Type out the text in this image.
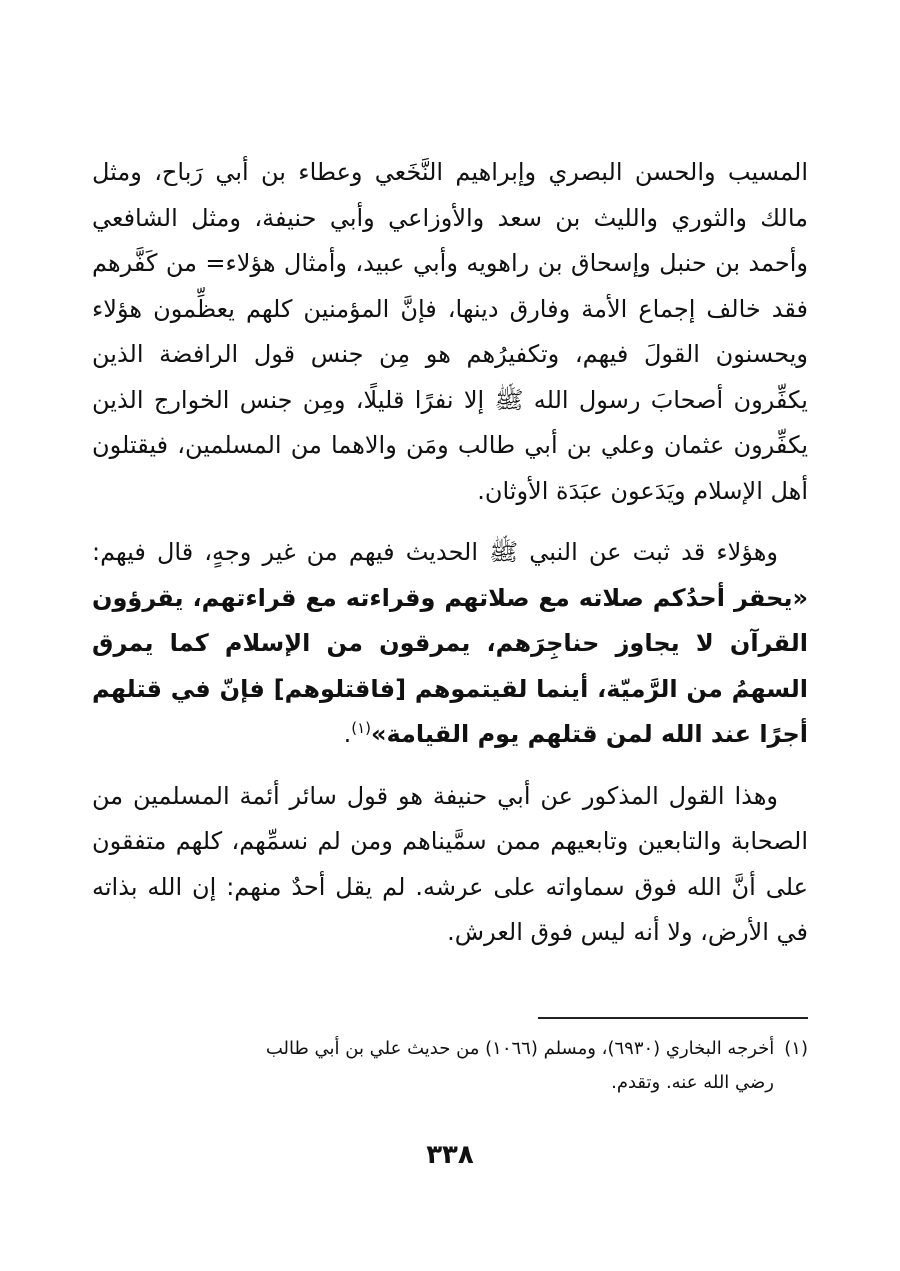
المسيب والحسن البصري وإبراهيم النَّخَعي وعطاء بن أبي رَباح، ومثل مالك والثوري والليث بن سعد والأوزاعي وأبي حنيفة، ومثل الشافعي وأحمد بن حنبل وإسحاق بن راهويه وأبي عبيد، وأمثال هؤلاء= من كَفَّرهم فقد خالف إجماع الأمة وفارق دينها، فإنَّ المؤمنين كلهم يعظِّمون هؤلاء ويحسنون القولَ فيهم، وتكفيرُهم هو مِن جنس قول الرافضة الذين يكفِّرون أصحابَ رسول الله ﷺ إلا نفرًا قليلًا، ومِن جنس الخوارج الذين يكفِّرون عثمان وعلي بن أبي طالب ومَن والاهما من المسلمين، فيقتلون أهل الإسلام ويَدَعون عبَدَة الأوثان.

وهؤلاء قد ثبت عن النبي ﷺ الحديث فيهم من غير وجهٍ، قال فيهم: «يحقر أحدُكم صلاته مع صلاتهم وقراءته مع قراءتهم، يقرؤون القرآن لا يجاوز حناجِرَهم، يمرقون من الإسلام كما يمرق السهمُ من الرَّميّة، أينما لقيتموهم [فاقتلوهم] فإنّ في قتلهم أجرًا عند الله لمن قتلهم يوم القيامة»$^{(١)}$.

وهذا القول المذكور عن أبي حنيفة هو قول سائر أئمة المسلمين من الصحابة والتابعين وتابعيهم ممن سمَّيناهم ومن لم نسمِّهم، كلهم متفقون على أنَّ الله فوق سماواته على عرشه. لم يقل أحدٌ منهم: إن الله بذاته في الأرض، ولا أنه ليس فوق العرش.

(١)أخرجه البخاري (٦٩٣٠)، ومسلم (١٠٦٦) من حديث علي بن أبي طالب
رضي الله عنه. وتقدم.
٣٣٨
